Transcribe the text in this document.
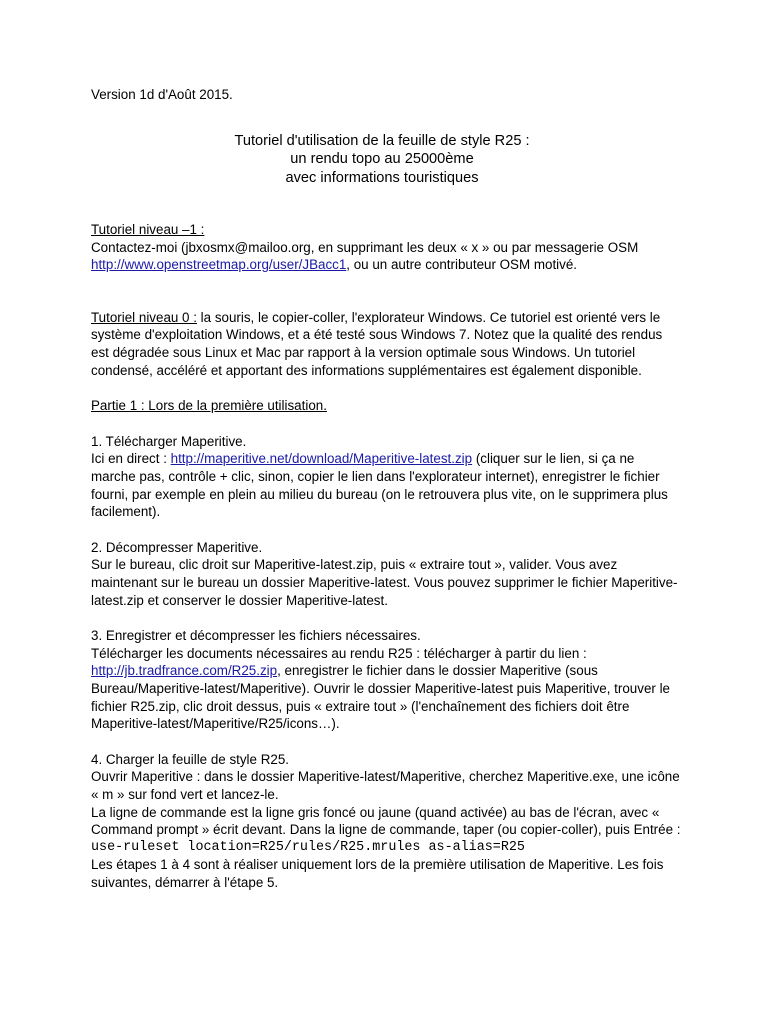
Version 1d d'Août 2015.

Tutoriel d'utilisation de la feuille de style R25 :
un rendu topo au 25000ème
avec informations touristiques

Tutoriel niveau –1 :

Contactez-moi (jbxosmx@mailoo.org, en supprimant les deux « x » ou par messagerie OSM http://www.openstreetmap.org/user/JBacc1, ou un autre contributeur OSM motivé.

Tutoriel niveau 0 : la souris, le copier-coller, l'explorateur Windows. Ce tutoriel est orienté vers le système d'exploitation Windows, et a été testé sous Windows 7. Notez que la qualité des rendus est dégradée sous Linux et Mac par rapport à la version optimale sous Windows. Un tutoriel condensé, accéléré et apportant des informations supplémentaires est également disponible.

Partie 1 : Lors de la première utilisation.

1. Télécharger Maperitive.

Ici en direct : http://maperitive.net/download/Maperitive-latest.zip (cliquer sur le lien, si ça ne marche pas, contrôle + clic, sinon, copier le lien dans l'explorateur internet), enregistrer le fichier fourni, par exemple en plein au milieu du bureau (on le retrouvera plus vite, on le supprimera plus facilement).

2. Décompresser Maperitive.

Sur le bureau, clic droit sur Maperitive-latest.zip, puis « extraire tout », valider. Vous avez maintenant sur le bureau un dossier Maperitive-latest. Vous pouvez supprimer le fichier Maperitive-latest.zip et conserver le dossier Maperitive-latest.

3. Enregistrer et décompresser les fichiers nécessaires.

Télécharger les documents nécessaires au rendu R25 : télécharger à partir du lien :

http://jb.tradfrance.com/R25.zip, enregistrer le fichier dans le dossier Maperitive (sous Bureau/Maperitive-latest/Maperitive). Ouvrir le dossier Maperitive-latest puis Maperitive, trouver le fichier R25.zip, clic droit dessus, puis « extraire tout » (l'enchaînement des fichiers doit être Maperitive-latest/Maperitive/R25/icons…).

4. Charger la feuille de style R25.

Ouvrir Maperitive : dans le dossier Maperitive-latest/Maperitive, cherchez Maperitive.exe, une icône « m » sur fond vert et lancez-le.

La ligne de commande est la ligne gris foncé ou jaune (quand activée) au bas de l'écran, avec « Command prompt » écrit devant. Dans la ligne de commande, taper (ou copier-coller), puis Entrée :

use-ruleset location=R25/rules/R25.mrules as-alias=R25

Les étapes 1 à 4 sont à réaliser uniquement lors de la première utilisation de Maperitive. Les fois suivantes, démarrer à l'étape 5.
